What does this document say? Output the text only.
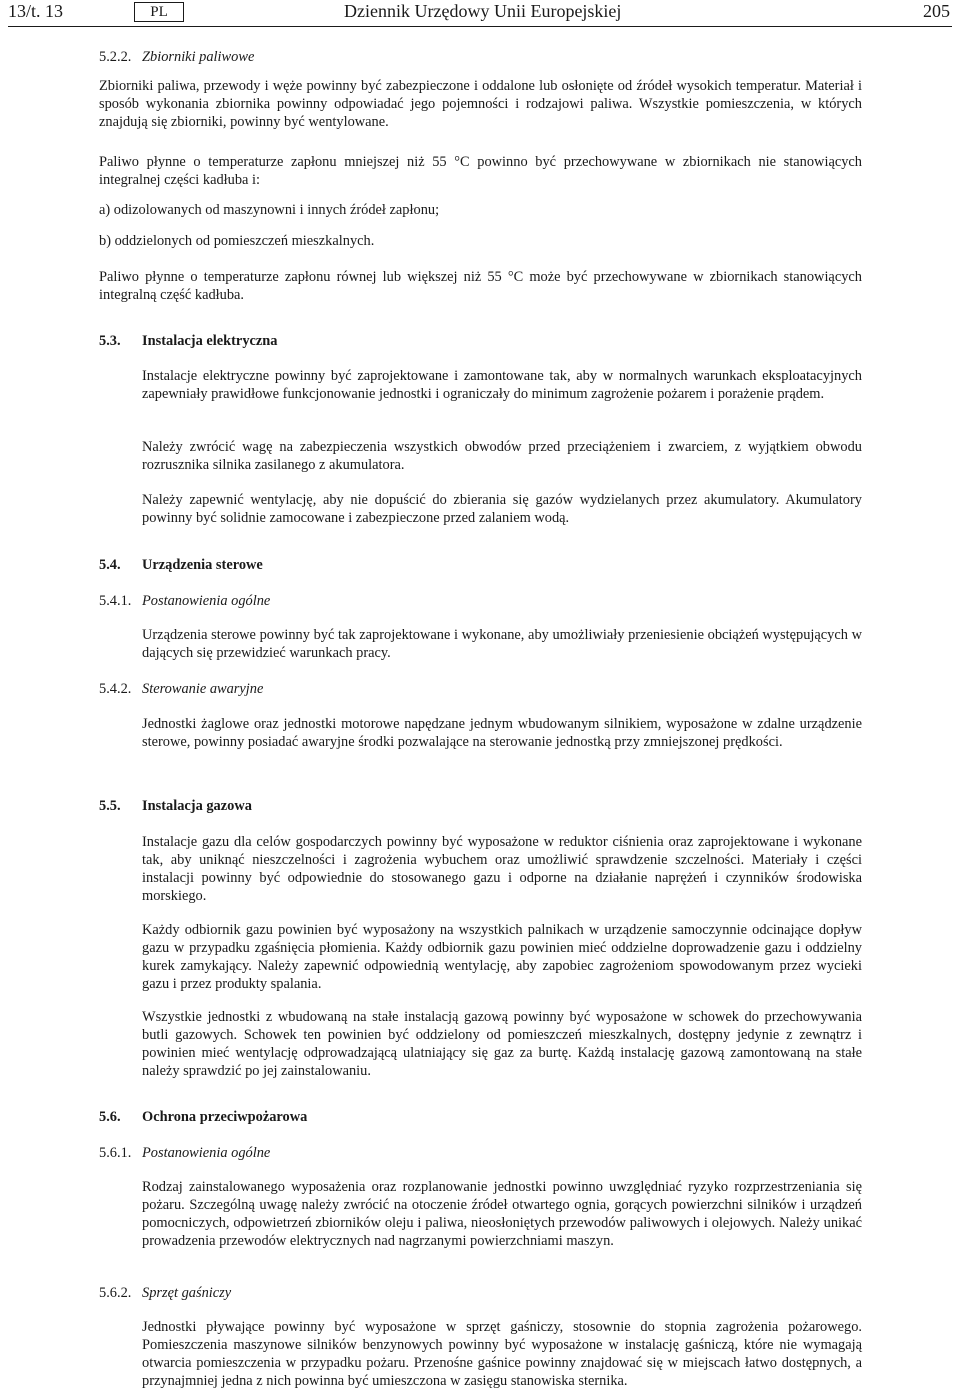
13/t. 13	PL	Dziennik Urzędowy Unii Europejskiej	205
5.2.2. Zbiorniki paliwowe

Zbiorniki paliwa, przewody i węże powinny być zabezpieczone i oddalone lub osłonięte od źródeł wysokich temperatur. Materiał i sposób wykonania zbiornika powinny odpowiadać jego pojemności i rodzajowi paliwa. Wszystkie pomieszczenia, w których znajdują się zbiorniki, powinny być wentylowane.

Paliwo płynne o temperaturze zapłonu mniejszej niż 55 °C powinno być przechowywane w zbiornikach nie stanowiących integralnej części kadłuba i:

a) odizolowanych od maszynowni i innych źródeł zapłonu;

b) oddzielonych od pomieszczeń mieszkalnych.

Paliwo płynne o temperaturze zapłonu równej lub większej niż 55 °C może być przechowywane w zbiornikach stanowiących integralną część kadłuba.

5.3. Instalacja elektryczna

Instalacje elektryczne powinny być zaprojektowane i zamontowane tak, aby w normalnych warunkach eksploatacyjnych zapewniały prawidłowe funkcjonowanie jednostki i ograniczały do minimum zagrożenie pożarem i porażenie prądem.

Należy zwrócić wagę na zabezpieczenia wszystkich obwodów przed przeciążeniem i zwarciem, z wyjątkiem obwodu rozrusznika silnika zasilanego z akumulatora.

Należy zapewnić wentylację, aby nie dopuścić do zbierania się gazów wydzielanych przez akumulatory. Akumulatory powinny być solidnie zamocowane i zabezpieczone przed zalaniem wodą.

5.4. Urządzenia sterowe
5.4.1. Postanowienia ogólne

Urządzenia sterowe powinny być tak zaprojektowane i wykonane, aby umożliwiały przeniesienie obciążeń występujących w dających się przewidzieć warunkach pracy.

5.4.2. Sterowanie awaryjne

Jednostki żaglowe oraz jednostki motorowe napędzane jednym wbudowanym silnikiem, wyposażone w zdalne urządzenie sterowe, powinny posiadać awaryjne środki pozwalające na sterowanie jednostką przy zmniejszonej prędkości.

5.5. Instalacja gazowa

Instalacje gazu dla celów gospodarczych powinny być wyposażone w reduktor ciśnienia oraz zaprojektowane i wykonane tak, aby uniknąć nieszczelności i zagrożenia wybuchem oraz umożliwić sprawdzenie szczelności. Materiały i części instalacji powinny być odpowiednie do stosowanego gazu i odporne na działanie naprężeń i czynników środowiska morskiego.

Każdy odbiornik gazu powinien być wyposażony na wszystkich palnikach w urządzenie samoczynnie odcinające dopływ gazu w przypadku zgaśnięcia płomienia. Każdy odbiornik gazu powinien mieć oddzielne doprowadzenie gazu i oddzielny kurek zamykający. Należy zapewnić odpowiednią wentylację, aby zapobiec zagrożeniom spowodowanym przez wycieki gazu i przez produkty spalania.

Wszystkie jednostki z wbudowaną na stałe instalacją gazową powinny być wyposażone w schowek do przechowywania butli gazowych. Schowek ten powinien być oddzielony od pomieszczeń mieszkalnych, dostępny jedynie z zewnątrz i powinien mieć wentylację odprowadzającą ulatniający się gaz za burtę. Każdą instalację gazową zamontowaną na stałe należy sprawdzić po jej zainstalowaniu.

5.6. Ochrona przeciwpożarowa
5.6.1. Postanowienia ogólne

Rodzaj zainstalowanego wyposażenia oraz rozplanowanie jednostki powinno uwzględniać ryzyko rozprzestrzeniania się pożaru. Szczególną uwagę należy zwrócić na otoczenie źródeł otwartego ognia, gorących powierzchni silników i urządzeń pomocniczych, odpowietrzeń zbiorników oleju i paliwa, nieosłoniętych przewodów paliwowych i olejowych. Należy unikać prowadzenia przewodów elektrycznych nad nagrzanymi powierzchniami maszyn.

5.6.2. Sprzęt gaśniczy

Jednostki pływające powinny być wyposażone w sprzęt gaśniczy, stosownie do stopnia zagrożenia pożarowego. Pomieszczenia maszynowe silników benzynowych powinny być wyposażone w instalację gaśniczą, które nie wymagają otwarcia pomieszczenia w przypadku pożaru. Przenośne gaśnice powinny znajdować się w miejscach łatwo dostępnych, a przynajmniej jedna z nich powinna być umieszczona w zasięgu stanowiska sternika.
